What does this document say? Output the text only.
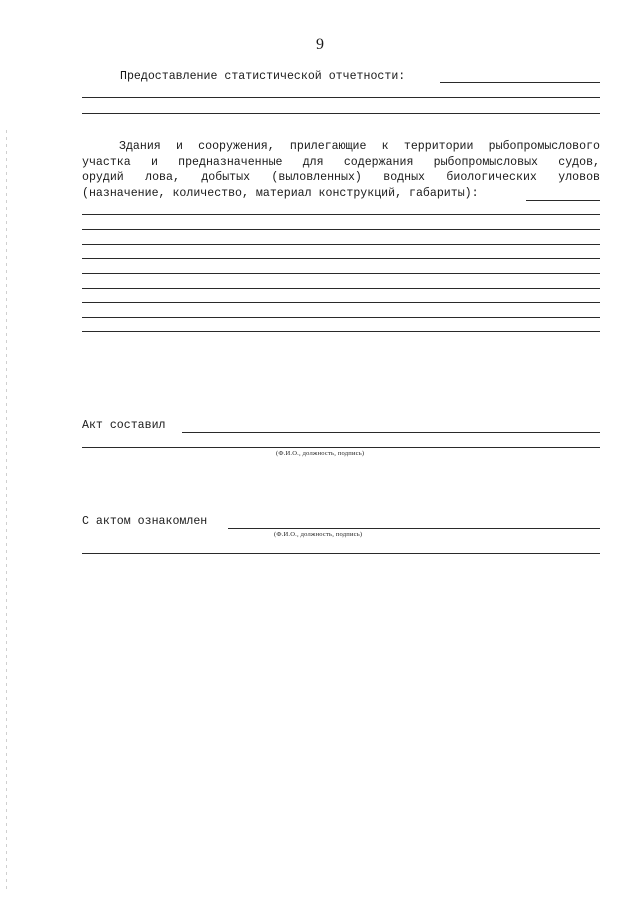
9
Предоставление статистической отчетности:
Здания и сооружения, прилегающие к территории рыбопромыслового
участка и предназначенные для содержания рыбопромысловых судов,
орудий лова, добытых (выловленных) водных биологических уловов
(назначение, количество, материал конструкций, габариты):
Акт составил
(Ф.И.О., должность, подпись)
С актом ознакомлен
(Ф.И.О., должность, подпись)
